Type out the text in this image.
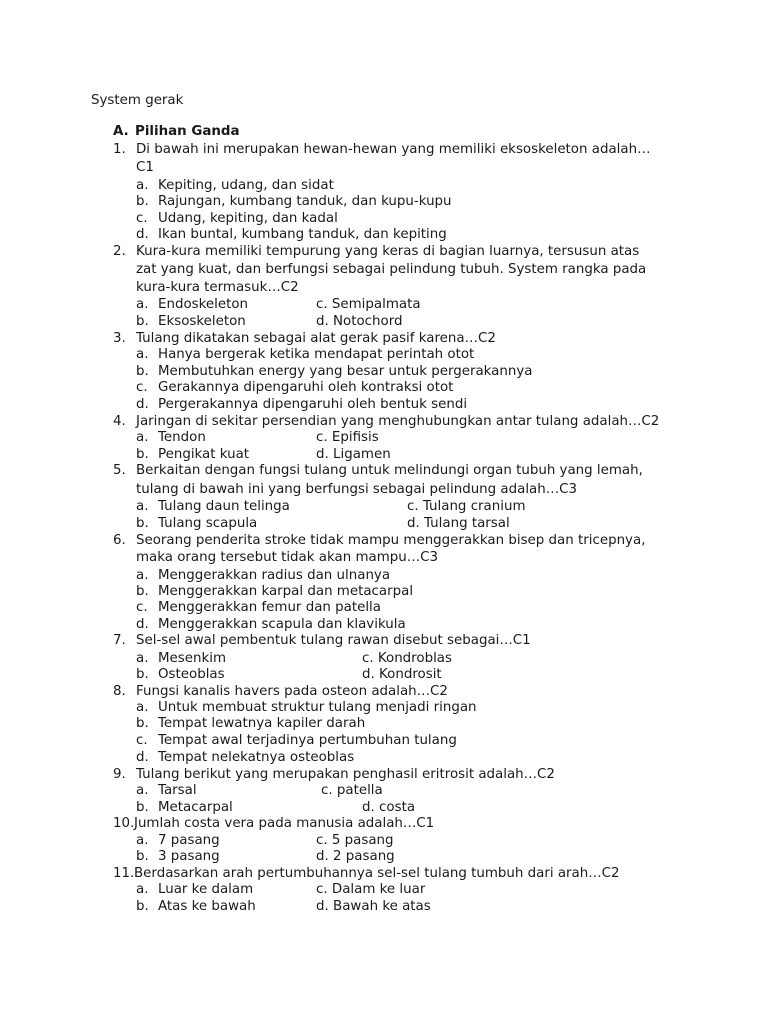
System gerak
A. Pilihan Ganda
1. Di bawah ini merupakan hewan-hewan yang memiliki eksoskeleton adalah…
C1
a. Kepiting, udang, dan sidat
b. Rajungan, kumbang tanduk, dan kupu-kupu
c. Udang, kepiting, dan kadal
d. Ikan buntal, kumbang tanduk, dan kepiting
2. Kura-kura memiliki tempurung yang keras di bagian luarnya, tersusun atas
zat yang kuat, dan berfungsi sebagai pelindung tubuh. System rangka pada
kura-kura termasuk…C2
a. Endoskeleton	c. Semipalmata
b. Eksoskeleton	d. Notochord
3. Tulang dikatakan sebagai alat gerak pasif karena…C2
a. Hanya bergerak ketika mendapat perintah otot
b. Membutuhkan energy yang besar untuk pergerakannya
c. Gerakannya dipengaruhi oleh kontraksi otot
d. Pergerakannya dipengaruhi oleh bentuk sendi
4. Jaringan di sekitar persendian yang menghubungkan antar tulang adalah…C2
a. Tendon	c. Epifisis
b. Pengikat kuat	d. Ligamen
5. Berkaitan dengan fungsi tulang untuk melindungi organ tubuh yang lemah,
tulang di bawah ini yang berfungsi sebagai pelindung adalah…C3
a. Tulang daun telinga	c. Tulang cranium
b. Tulang scapula	d. Tulang tarsal
6. Seorang penderita stroke tidak mampu menggerakkan bisep dan tricepnya,
maka orang tersebut tidak akan mampu…C3
a. Menggerakkan radius dan ulnanya
b. Menggerakkan karpal dan metacarpal
c. Menggerakkan femur dan patella
d. Menggerakkan scapula dan klavikula
7. Sel-sel awal pembentuk tulang rawan disebut sebagai…C1
a. Mesenkim	c. Kondroblas
b. Osteoblas	d. Kondrosit
8. Fungsi kanalis havers pada osteon adalah…C2
a. Untuk membuat struktur tulang menjadi ringan
b. Tempat lewatnya kapiler darah
c. Tempat awal terjadinya pertumbuhan tulang
d. Tempat nelekatnya osteoblas
9. Tulang berikut yang merupakan penghasil eritrosit adalah…C2
a. Tarsal	c. patella
b. Metacarpal	d. costa
10. Jumlah costa vera pada manusia adalah…C1
a. 7 pasang	c. 5 pasang
b. 3 pasang	d. 2 pasang
11. Berdasarkan arah pertumbuhannya sel-sel tulang tumbuh dari arah…C2
a. Luar ke dalam	c. Dalam ke luar
b. Atas ke bawah	d. Bawah ke atas
